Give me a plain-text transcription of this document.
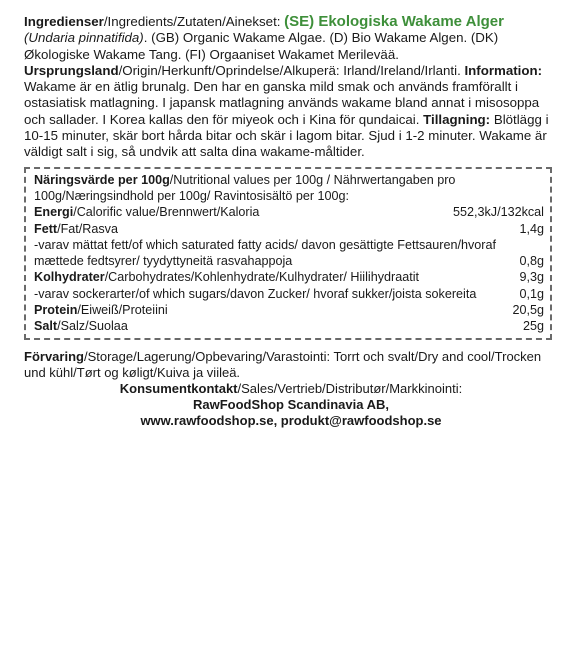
Ingredienser/Ingredients/Zutaten/Ainekset: (SE) Ekologiska Wakame Alger (Undaria pinnatifida). (GB) Organic Wakame Algae. (D) Bio Wakame Algen. (DK) Økologiske Wakame Tang. (FI) Orgaaniset Wakamet Merilevää. Ursprungsland/Origin/Herkunft/Oprindelse/Alkuperä: Irland/Ireland/Irlanti. Information: Wakame är en ätlig brunalg. Den har en ganska mild smak och används framförallt i ostasiatisk matlagning. I japansk matlagning används wakame bland annat i misosoppa och sallader. I Korea kallas den för miyeok och i Kina för qundaicai. Tillagning: Blötlägg i 10-15 minuter, skär bort hårda bitar och skär i lagom bitar. Sjud i 1-2 minuter. Wakame är väldigt salt i sig, så undvik att salta dina wakame-måltider.

Näringsvärde per 100g/Nutritional values per 100g / Nährwertangaben pro 100g/Næringsindhold per 100g/ Ravintosisältö per 100g:
Energi/Calorific value/Brennwert/Kaloria	552,3kJ/132kcal
Fett/Fat/Rasva	1,4g
-varav mättat fett/of which saturated fatty acids/ davon gesättigte Fettsauren/hvoraf mættede fedtsyrer/ tyydyttyneitä rasvahappoja	0,8g
Kolhydrater/Carbohydrates/Kohlenhydrate/Kulhydrater/ Hiilihydraatit	9,3g
-varav sockerarter/of which sugars/davon Zucker/ hvoraf sukker/joista sokereita	0,1g
Protein/Eiweiß/Proteiini	20,5g
Salt/Salz/Suolaa	25g
Förvaring/Storage/Lagerung/Opbevaring/Varastointi: Torrt och svalt/Dry and cool/Trocken und kühl/Tørt og køligt/Kuiva ja viileä.
Konsumentkontakt/Sales/Vertrieb/Distributør/Markkinointi:
RawFoodShop Scandinavia AB,
www.rawfoodshop.se, produkt@rawfoodshop.se
